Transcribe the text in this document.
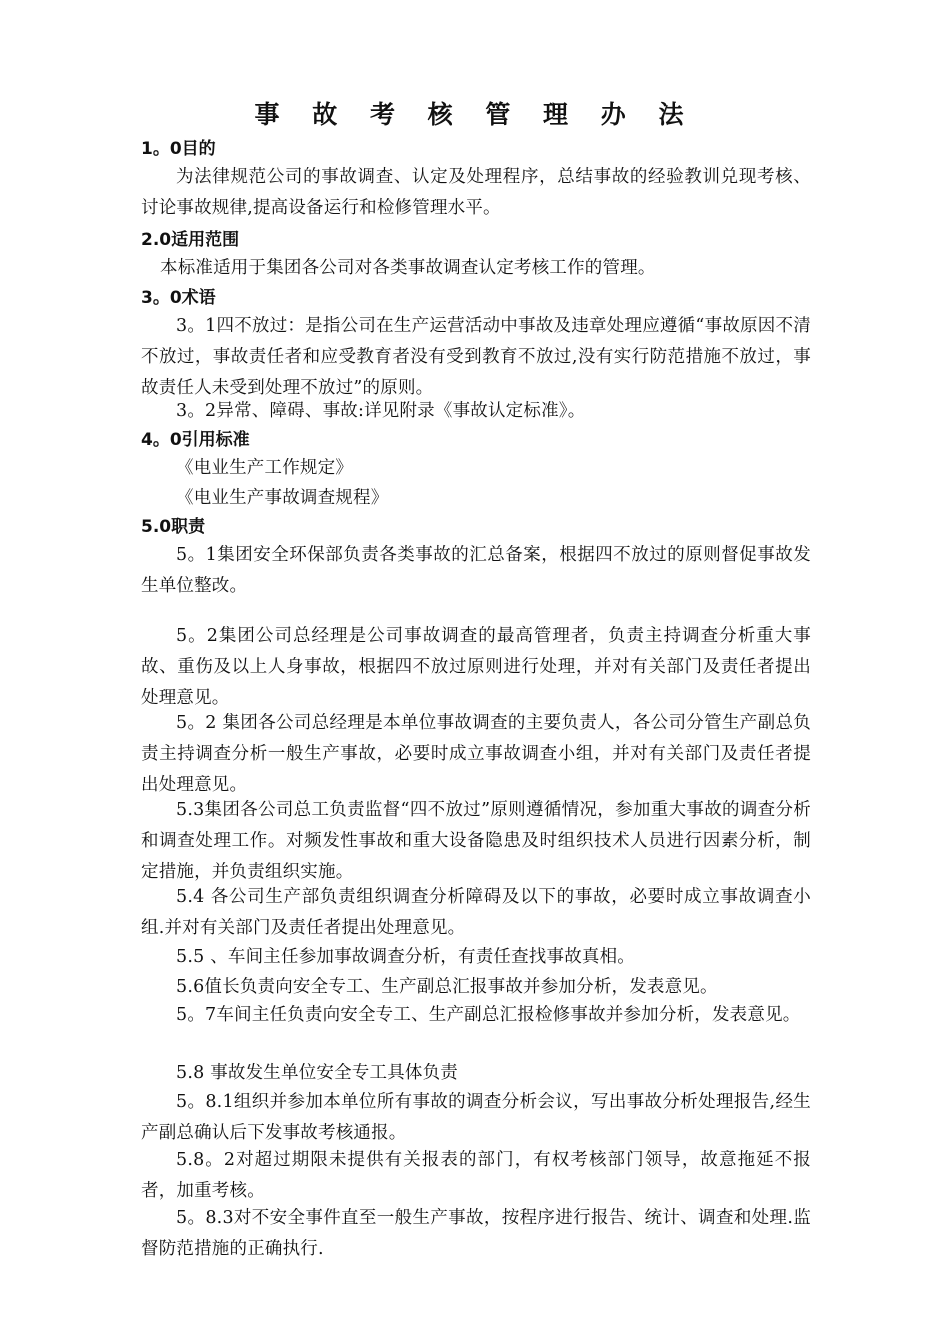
事 故 考 核 管 理 办 法
1。0目的
为法律规范公司的事故调查、认定及处理程序，总结事故的经验教训兑现考核、讨论事故规律,提高设备运行和检修管理水平。
2.0适用范围
本标准适用于集团各公司对各类事故调查认定考核工作的管理。
3。0术语
3。1四不放过：是指公司在生产运营活动中事故及违章处理应遵循“事故原因不清不放过，事故责任者和应受教育者没有受到教育不放过,没有实行防范措施不放过，事故责任人未受到处理不放过”的原则。
3。2异常、障碍、事故:详见附录《事故认定标准》。
4。0引用标准
《电业生产工作规定》
《电业生产事故调查规程》
5.0职责
5。1集团安全环保部负责各类事故的汇总备案，根据四不放过的原则督促事故发生单位整改。
5。2集团公司总经理是公司事故调查的最高管理者，负责主持调查分析重大事故、重伤及以上人身事故，根据四不放过原则进行处理，并对有关部门及责任者提出处理意见。
5。2 集团各公司总经理是本单位事故调查的主要负责人，各公司分管生产副总负责主持调查分析一般生产事故，必要时成立事故调查小组，并对有关部门及责任者提出处理意见。
5.3集团各公司总工负责监督“四不放过”原则遵循情况，参加重大事故的调查分析和调查处理工作。对频发性事故和重大设备隐患及时组织技术人员进行因素分析，制定措施，并负责组织实施。
5.4 各公司生产部负责组织调查分析障碍及以下的事故，必要时成立事故调查小组.并对有关部门及责任者提出处理意见。
5.5 、车间主任参加事故调查分析，有责任查找事故真相。
5.6值长负责向安全专工、生产副总汇报事故并参加分析，发表意见。
5。7车间主任负责向安全专工、生产副总汇报检修事故并参加分析，发表意见。
5.8 事故发生单位安全专工具体负责
5。8.1组织并参加本单位所有事故的调查分析会议，写出事故分析处理报告,经生产副总确认后下发事故考核通报。
5.8。2对超过期限未提供有关报表的部门，有权考核部门领导，故意拖延不报者，加重考核。
5。8.3对不安全事件直至一般生产事故，按程序进行报告、统计、调查和处理.监督防范措施的正确执行.
